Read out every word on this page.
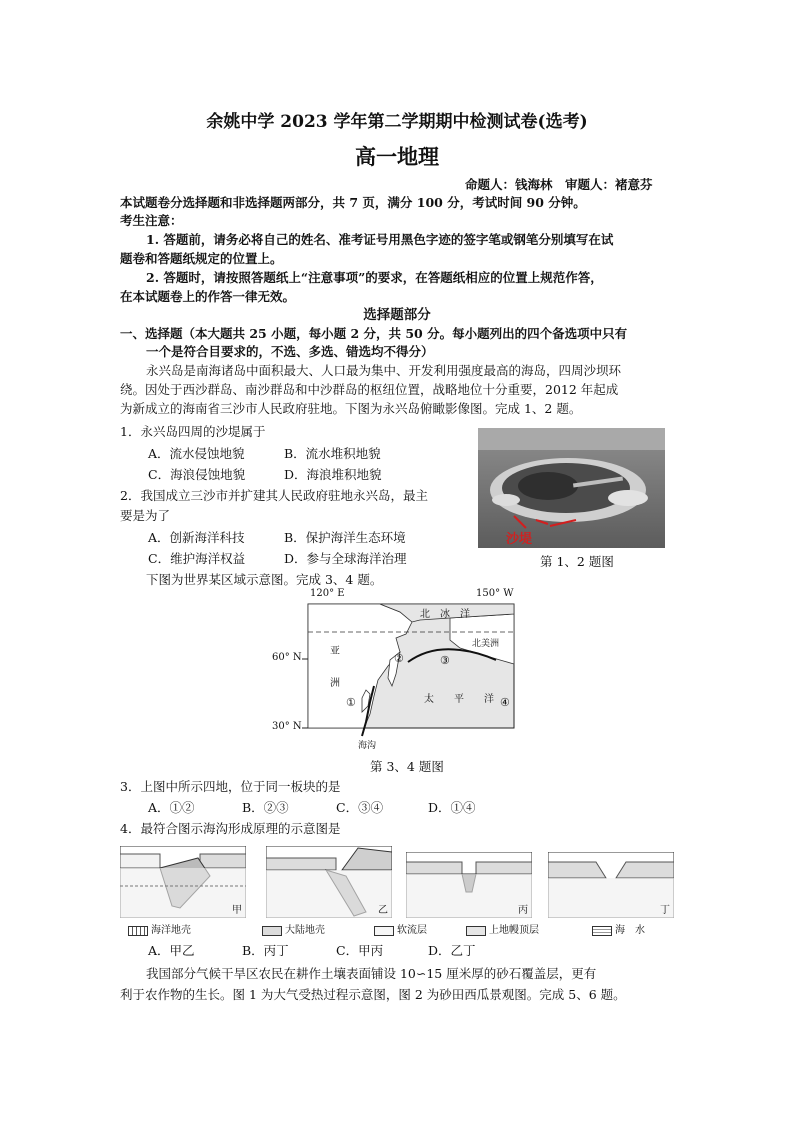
余姚中学 2023 学年第二学期期中检测试卷(选考)
高一地理
命题人：钱海林　审题人：褚意芬
本试题卷分选择题和非选择题两部分，共 7 页，满分 100 分，考试时间 90 分钟。
考生注意：
1. 答题前，请务必将自己的姓名、准考证号用黑色字迹的签字笔或钢笔分别填写在试
题卷和答题纸规定的位置上。
2. 答题时，请按照答题纸上“注意事项”的要求，在答题纸相应的位置上规范作答，
在本试题卷上的作答一律无效。
选择题部分
一、选择题（本大题共 25 小题，每小题 2 分，共 50 分。每小题列出的四个备选项中只有
一个是符合目要求的，不选、多选、错选均不得分）
永兴岛是南海诸岛中面积最大、人口最为集中、开发利用强度最高的海岛，四周沙坝环
绕。因处于西沙群岛、南沙群岛和中沙群岛的枢纽位置，战略地位十分重要，2012 年起成
为新成立的海南省三沙市人民政府驻地。下图为永兴岛俯瞰影像图。完成 1、2 题。
1．永兴岛四周的沙堤属于
A．流水侵蚀地貌	B．流水堆积地貌
C．海浪侵蚀地貌	D．海浪堆积地貌
2．我国成立三沙市并扩建其人民政府驻地永兴岛，最主
要是为了
A．创新海洋科技	B．保护海洋生态环境
C．维护海洋权益	D．参与全球海洋治理
沙堤
第 1、2 题图
下图为世界某区域示意图。完成 3、4 题。
120° E	150° W
60° N
30° N
北　冰　洋
亚
洲
北美洲
太　　平　　洋
①
②	③
④
海沟
第 3、4 题图
3．上图中所示四地，位于同一板块的是
A．①②	B．②③	C．③④	D．①④
4．最符合图示海沟形成原理的示意图是
甲	乙	丙	丁
海洋地壳	大陆地壳	软流层	上地幔顶层	海　水
A．甲乙	B．丙丁	C．甲丙	D．乙丁
我国部分气候干旱区农民在耕作土壤表面铺设 10∽15 厘米厚的砂石覆盖层，更有
利于农作物的生长。图 1 为大气受热过程示意图，图 2 为砂田西瓜景观图。完成 5、6 题。
